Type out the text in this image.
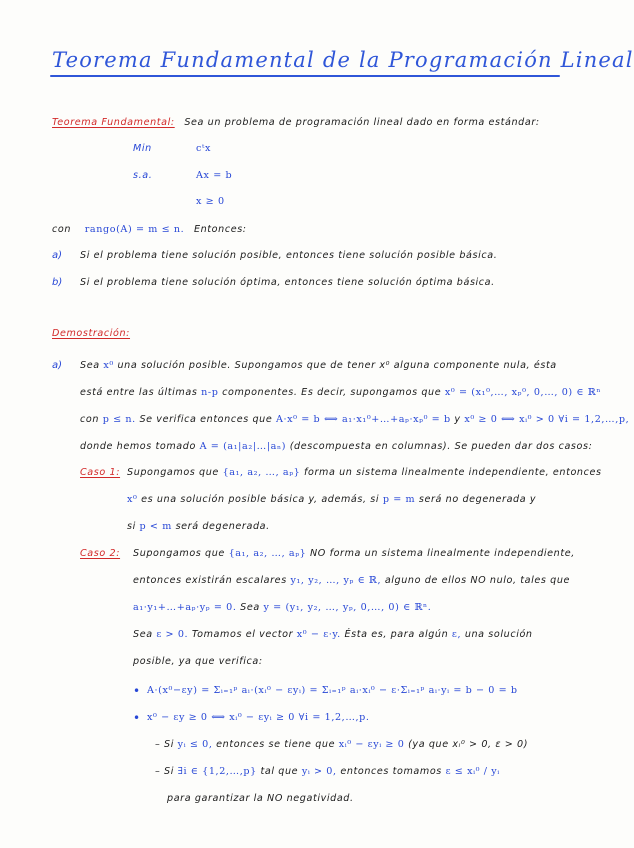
Teorema Fundamental de la Programación Lineal
Teorema Fundamental: Sea un problema de programación lineal dado en forma estándar:
Min	cᵗx
s.a.	Ax = b
x ≥ 0
con rango(A) = m ≤ n. Entonces:
a) Si el problema tiene solución posible, entonces tiene solución posible básica.
b) Si el problema tiene solución óptima, entonces tiene solución óptima básica.
Demostración:
a) Sea x⁰ una solución posible. Supongamos que de tener x⁰ alguna componente nula, ésta
está entre las últimas n-p componentes. Es decir, supongamos que x⁰ = (x₁⁰,…, xₚ⁰, 0,…, 0) ∈ ℝⁿ
con p ≤ n. Se verifica entonces que A·x⁰ = b ⟺ a₁·x₁⁰+…+aₚ·xₚ⁰ = b y x⁰ ≥ 0 ⟺ xᵢ⁰ > 0 ∀i = 1,2,…,p,
donde hemos tomado A = (a₁|a₂|…|aₙ) (descompuesta en columnas). Se pueden dar dos casos:
Caso 1: Supongamos que {a₁, a₂, …, aₚ} forma un sistema linealmente independiente, entonces
x⁰ es una solución posible básica y, además, si p = m será no degenerada y
si p < m será degenerada.
Caso 2: Supongamos que {a₁, a₂, …, aₚ} NO forma un sistema linealmente independiente,
entonces existirán escalares y₁, y₂, …, yₚ ∈ ℝ, alguno de ellos NO nulo, tales que
a₁·y₁+…+aₚ·yₚ = 0. Sea y = (y₁, y₂, …, yₚ, 0,…, 0) ∈ ℝⁿ.
Sea ε > 0. Tomamos el vector x⁰ − ε·y. Ésta es, para algún ε, una solución
posible, ya que verifica:
• A·(x⁰−εy) = Σᵢ₌₁ᵖ aᵢ·(xᵢ⁰ − εyᵢ) = Σᵢ₌₁ᵖ aᵢ·xᵢ⁰ − ε·Σᵢ₌₁ᵖ aᵢ·yᵢ = b − 0 = b
• x⁰ − εy ≥ 0 ⟺ xᵢ⁰ − εyᵢ ≥ 0 ∀i = 1,2,…,p.
– Si yᵢ ≤ 0, entonces se tiene que xᵢ⁰ − εyᵢ ≥ 0 (ya que xᵢ⁰ > 0, ε > 0)
– Si ∃i ∈ {1,2,…,p} tal que yᵢ > 0, entonces tomamos ε ≤ xᵢ⁰ / yᵢ
para garantizar la NO negatividad.
